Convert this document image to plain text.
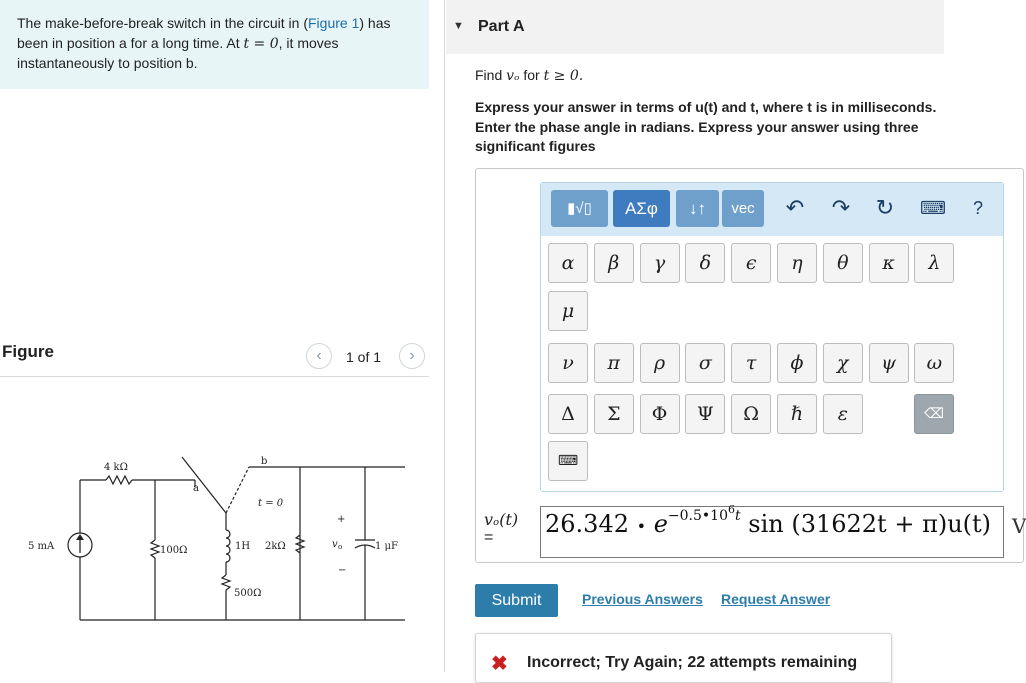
The make-before-break switch in the circuit in (Figure 1) has been in position a for a long time. At t = 0, it moves instantaneously to position b.
Figure	‹	1 of 1	›
5 mA
4 kΩ
a
b
t = 0
100Ω	1H 2kΩ
500Ω
+
v o
−
1 μF
▼ Part A
Find vₒ for t ≥ 0.
Express your answer in terms of u(t) and t, where t is in milliseconds. Enter the phase angle in radians. Express your answer using three significant figures
▮√▯	ΑΣφ	↓↑	vec	↶ ↷ ↻	⌨	?
α	β	γ	δ	ϵ	η	θ	κ	λ
μ
ν	π	ρ	σ	τ	ϕ	χ	ψ	ω
Δ	Σ	Φ	Ψ	Ω	ℏ	ε	⌫
⌨
vₒ(t)
=	26.342 • $e^{-0.5•106t}$ sin (31622t + π)u(t)	V
Submit	Previous Answers Request Answer
✖ Incorrect; Try Again; 22 attempts remaining
